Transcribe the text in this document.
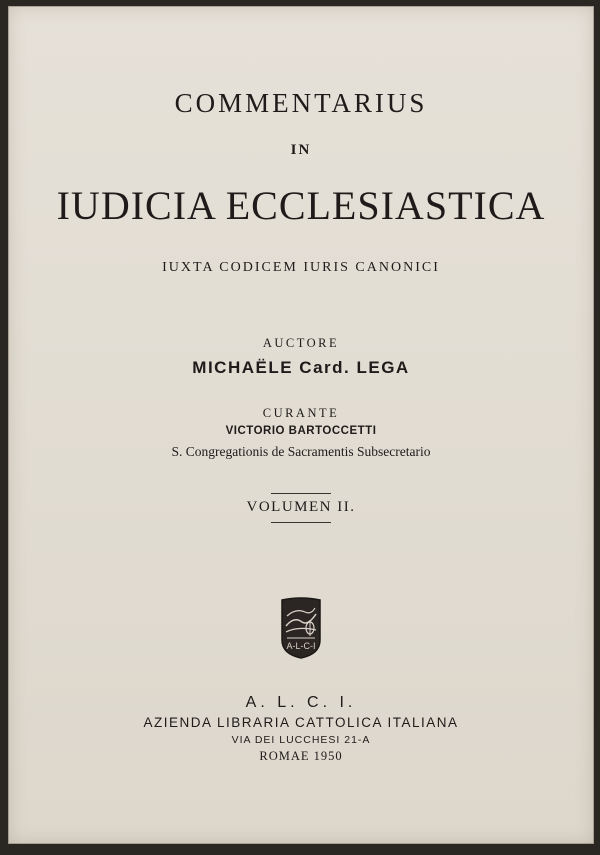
COMMENTARIUS
IN
IUDICIA ECCLESIASTICA
IUXTA CODICEM IURIS CANONICI
AUCTORE
MICHAËLE Card. LEGA
CURANTE
VICTORIO BARTOCCETTI
S. Congregationis de Sacramentis Subsecretario
VOLUMEN II.
A-L-C-I
A. L. C. I.
AZIENDA LIBRARIA CATTOLICA ITALIANA
VIA DEI LUCCHESI 21-A
ROMAE 1950
